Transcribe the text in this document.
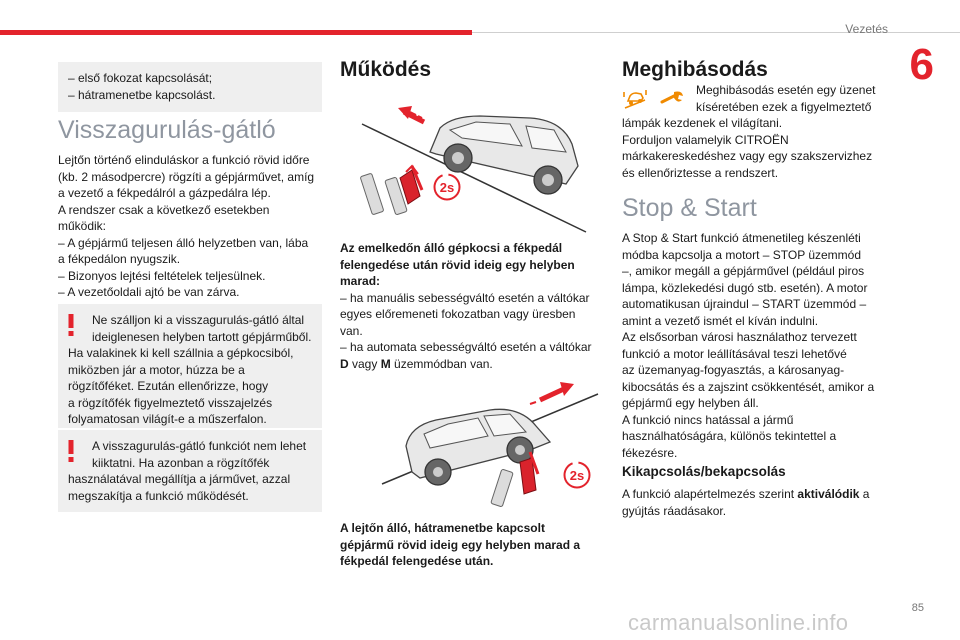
Vezetés
6

– első fokozat kapcsolását;

– hátramenetbe kapcsolást.

Visszagurulás-gátló

Lejtőn történő elinduláskor a funkció rövid időre

(kb. 2 másodpercre) rögzíti a gépjárművet, amíg

a vezető a fékpedálról a gázpedálra lép.

A rendszer csak a következő esetekben

működik:

– A gépjármű teljesen álló helyzetben van, lába

a fékpedálon nyugszik.

– Bizonyos lejtési feltételek teljesülnek.

– A vezetőoldali ajtó be van zárva.

Ne szálljon ki a visszagurulás-gátló által

ideiglenesen helyben tartott gépjárműből.

Ha valakinek ki kell szállnia a gépkocsiból,

miközben jár a motor, húzza be a

rögzítőféket. Ezután ellenőrizze, hogy

a rögzítőfék figyelmeztető visszajelzés

folyamatosan világít-e a műszerfalon.

A visszagurulás-gátló funkciót nem lehet

kiiktatni. Ha azonban a rögzítőfék

használatával megállítja a járművet, azzal

megszakítja a funkció működését.

Működés
2s

Az emelkedőn álló gépkocsi a fékpedál

felengedése után rövid ideig egy helyben

marad:

– ha manuális sebességváltó esetén a váltókar

egyes előremeneti fokozatban vagy üresben

van.

– ha automata sebességváltó esetén a váltókar

D vagy M üzemmódban van.

2s

A lejtőn álló, hátramenetbe kapcsolt

gépjármű rövid ideig egy helyben marad a

fékpedál felengedése után.

Meghibásodás

Meghibásodás esetén egy üzenet

kíséretében ezek a figyelmeztető

lámpák kezdenek el világítani.

Forduljon valamelyik CITROËN

márkakereskedéshez vagy egy szakszervizhez

és ellenőriztesse a rendszert.

Stop & Start

A Stop & Start funkció átmenetileg készenléti

módba kapcsolja a motort – STOP üzemmód

–, amikor megáll a gépjárművel (például piros

lámpa, közlekedési dugó stb. esetén). A motor

automatikusan újraindul – START üzemmód –

amint a vezető ismét el kíván indulni.

Az elsősorban városi használathoz tervezett

funkció a motor leállításával teszi lehetővé

az üzemanyag-fogyasztás, a károsanyag-

kibocsátás és a zajszint csökkentését, amikor a

gépjármű egy helyben áll.

A funkció nincs hatással a jármű

használhatóságára, különös tekintettel a

fékezésre.

Kikapcsolás/bekapcsolás

A funkció alapértelmezés szerint aktiválódik a

gyújtás ráadásakor.

85
carmanualsonline.info
